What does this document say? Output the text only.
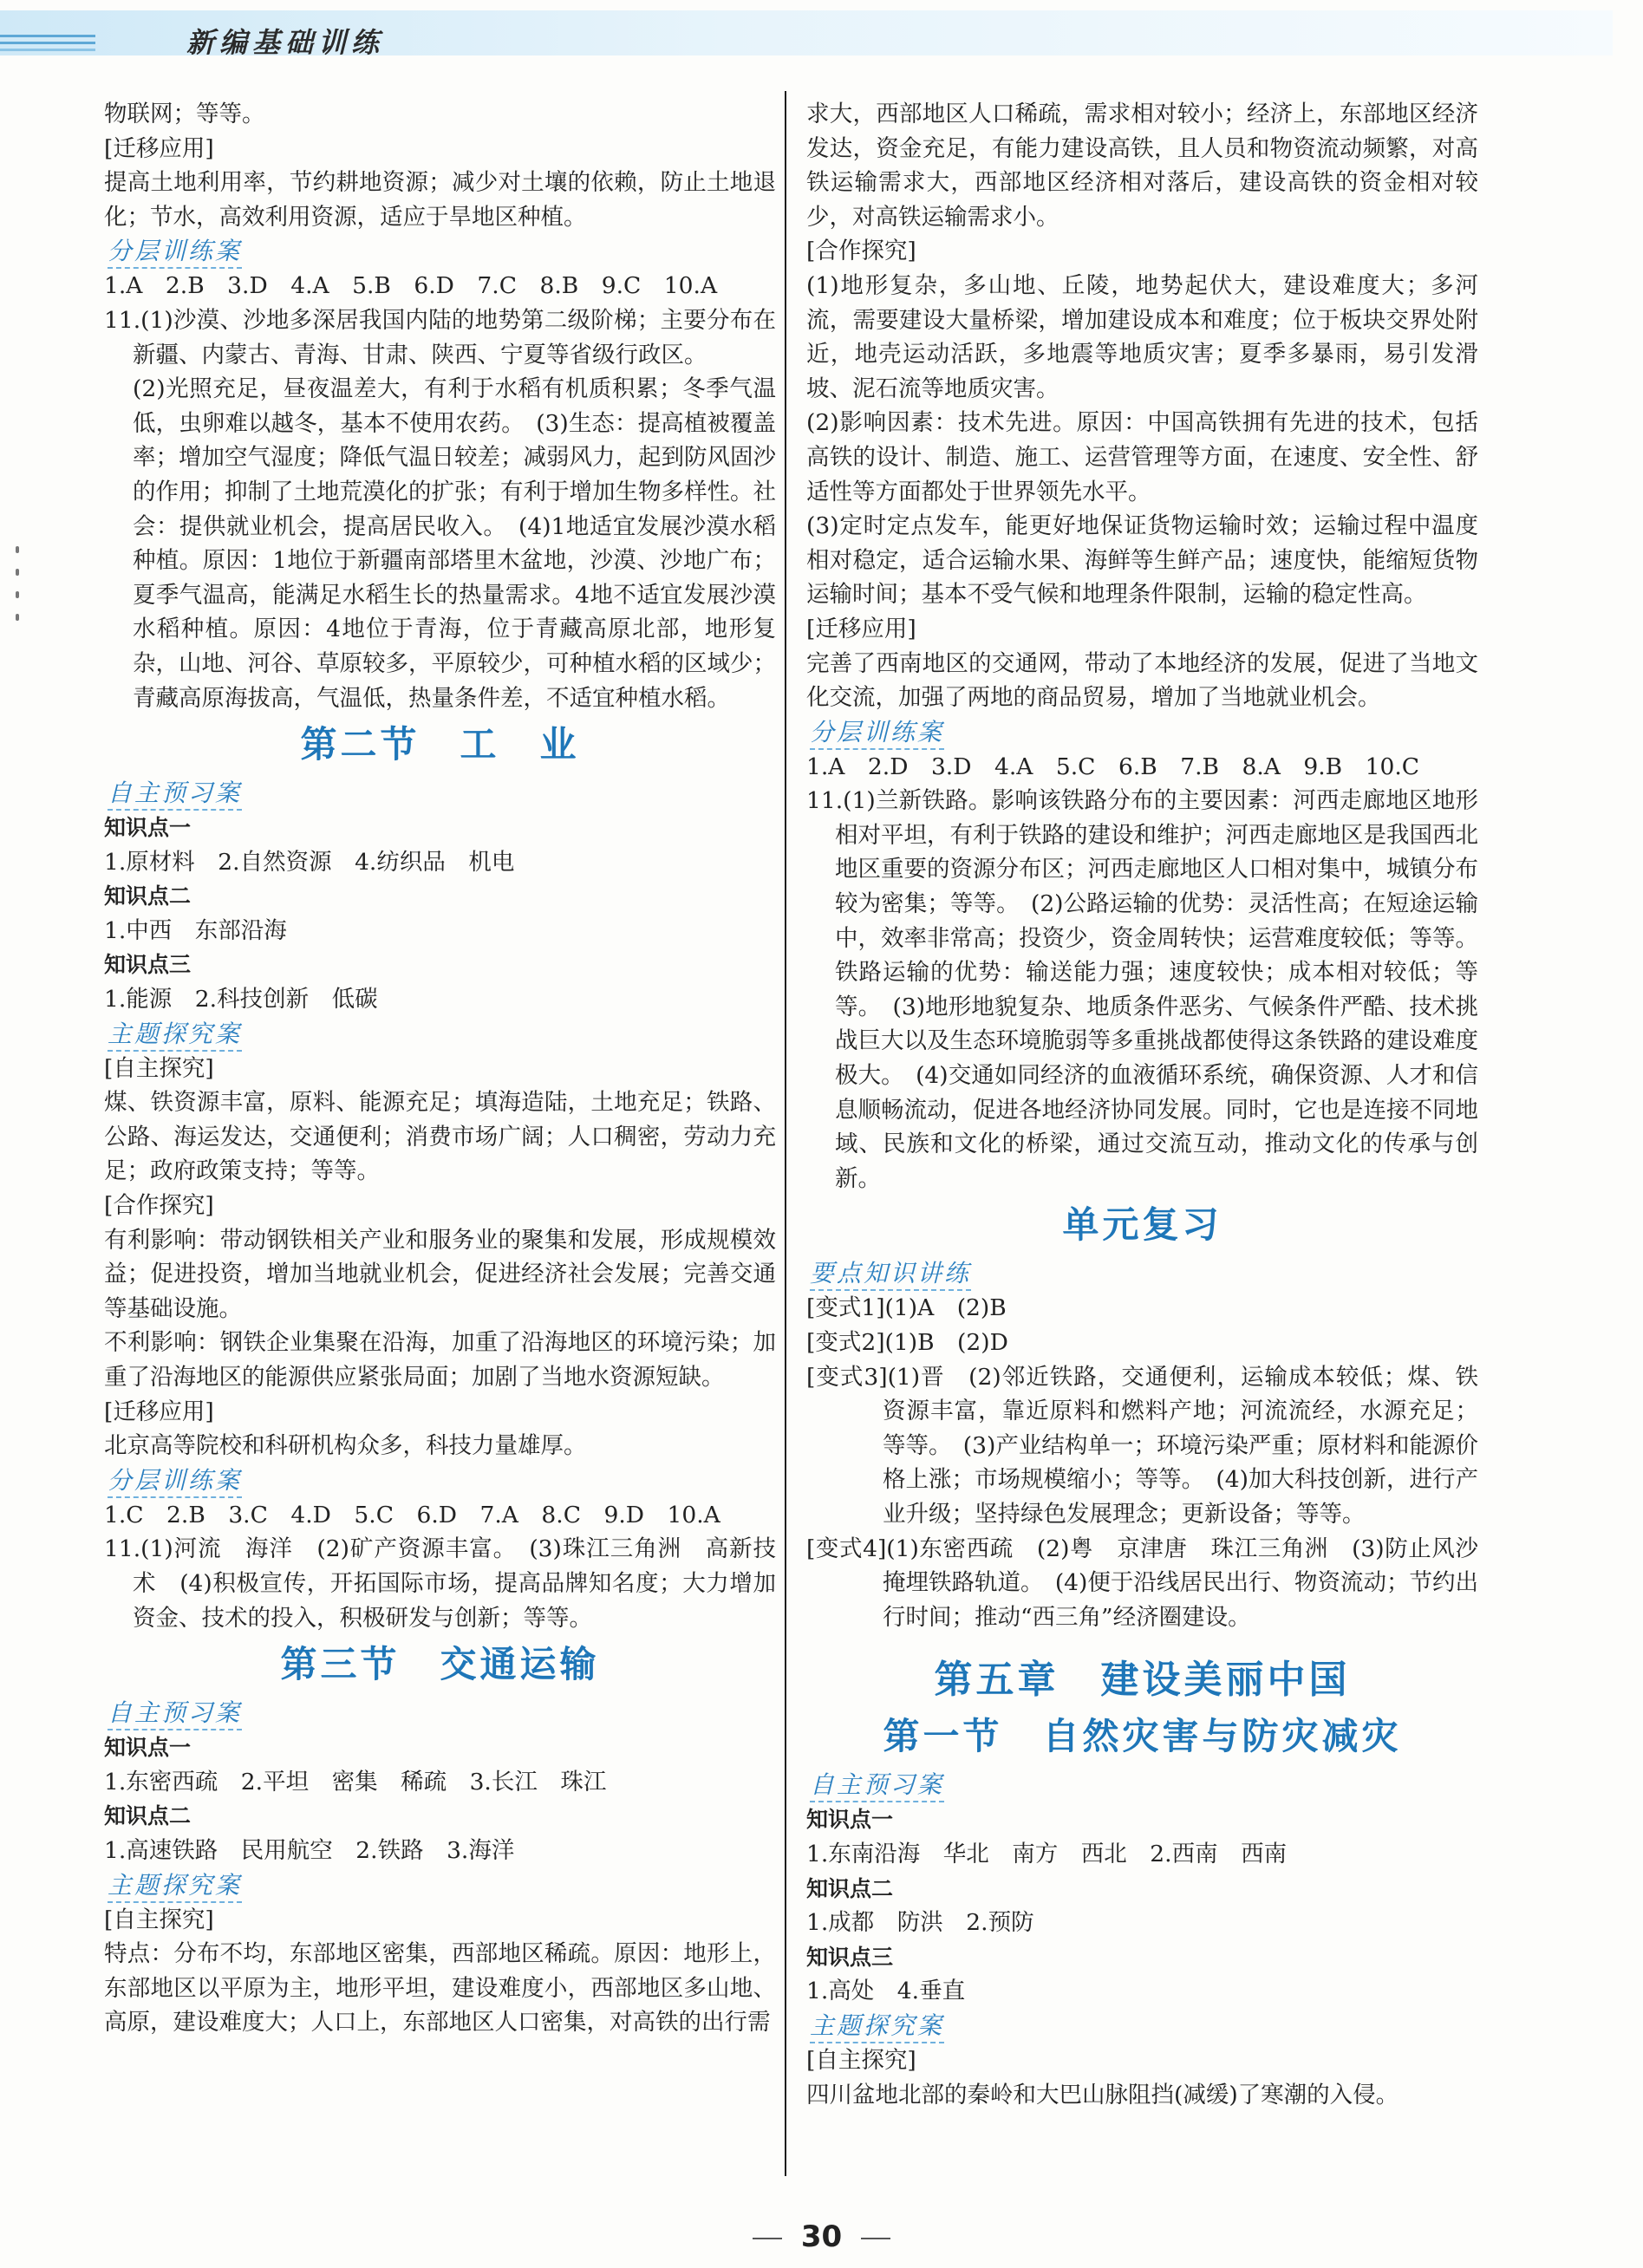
新编基础训练

物联网；等等。

[迁移应用]

提高土地利用率，节约耕地资源；减少对土壤的依赖，防止土地退化；节水，高效利用资源，适应于旱地区种植。

分层训练案

1.A　2.B　3.D　4.A　5.B　6.D　7.C　8.B　9.C　10.A

11.(1)沙漠、沙地多深居我国内陆的地势第二级阶梯；主要分布在新疆、内蒙古、青海、甘肃、陕西、宁夏等省级行政区。

(2)光照充足，昼夜温差大，有利于水稻有机质积累；冬季气温低，虫卵难以越冬，基本不使用农药。　(3)生态：提高植被覆盖率；增加空气湿度；降低气温日较差；减弱风力，起到防风固沙的作用；抑制了土地荒漠化的扩张；有利于增加生物多样性。社会：提供就业机会，提高居民收入。　(4)1地适宜发展沙漠水稻种植。原因：1地位于新疆南部塔里木盆地，沙漠、沙地广布；夏季气温高，能满足水稻生长的热量需求。4地不适宜发展沙漠水稻种植。原因：4地位于青海，位于青藏高原北部，地形复杂，山地、河谷、草原较多，平原较少，可种植水稻的区域少；青藏高原海拔高，气温低，热量条件差，不适宜种植水稻。

第二节　工　业

自主预习案

知识点一

1.原材料　2.自然资源　4.纺织品　机电

知识点二

1.中西　东部沿海

知识点三

1.能源　2.科技创新　低碳

主题探究案

[自主探究]

煤、铁资源丰富，原料、能源充足；填海造陆，土地充足；铁路、公路、海运发达，交通便利；消费市场广阔；人口稠密，劳动力充足；政府政策支持；等等。

[合作探究]

有利影响：带动钢铁相关产业和服务业的聚集和发展，形成规模效益；促进投资，增加当地就业机会，促进经济社会发展；完善交通等基础设施。

不利影响：钢铁企业集聚在沿海，加重了沿海地区的环境污染；加重了沿海地区的能源供应紧张局面；加剧了当地水资源短缺。

[迁移应用]

北京高等院校和科研机构众多，科技力量雄厚。

分层训练案

1.C　2.B　3.C　4.D　5.C　6.D　7.A　8.C　9.D　10.A

11.(1)河流　海洋　(2)矿产资源丰富。　(3)珠江三角洲　高新技术　(4)积极宣传，开拓国际市场，提高品牌知名度；大力增加资金、技术的投入，积极研发与创新；等等。

第三节　交通运输

自主预习案

知识点一

1.东密西疏　2.平坦　密集　稀疏　3.长江　珠江

知识点二

1.高速铁路　民用航空　2.铁路　3.海洋

主题探究案

[自主探究]

特点：分布不均，东部地区密集，西部地区稀疏。原因：地形上，东部地区以平原为主，地形平坦，建设难度小，西部地区多山地、高原，建设难度大；人口上，东部地区人口密集，对高铁的出行需

求大，西部地区人口稀疏，需求相对较小；经济上，东部地区经济发达，资金充足，有能力建设高铁，且人员和物资流动频繁，对高铁运输需求大，西部地区经济相对落后，建设高铁的资金相对较少，对高铁运输需求小。

[合作探究]

(1)地形复杂，多山地、丘陵，地势起伏大，建设难度大；多河流，需要建设大量桥梁，增加建设成本和难度；位于板块交界处附近，地壳运动活跃，多地震等地质灾害；夏季多暴雨，易引发滑坡、泥石流等地质灾害。

(2)影响因素：技术先进。原因：中国高铁拥有先进的技术，包括高铁的设计、制造、施工、运营管理等方面，在速度、安全性、舒适性等方面都处于世界领先水平。

(3)定时定点发车，能更好地保证货物运输时效；运输过程中温度相对稳定，适合运输水果、海鲜等生鲜产品；速度快，能缩短货物运输时间；基本不受气候和地理条件限制，运输的稳定性高。

[迁移应用]

完善了西南地区的交通网，带动了本地经济的发展，促进了当地文化交流，加强了两地的商品贸易，增加了当地就业机会。

分层训练案

1.A　2.D　3.D　4.A　5.C　6.B　7.B　8.A　9.B　10.C

11.(1)兰新铁路。影响该铁路分布的主要因素：河西走廊地区地形相对平坦，有利于铁路的建设和维护；河西走廊地区是我国西北地区重要的资源分布区；河西走廊地区人口相对集中，城镇分布较为密集；等等。　(2)公路运输的优势：灵活性高；在短途运输中，效率非常高；投资少，资金周转快；运营难度较低；等等。铁路运输的优势：输送能力强；速度较快；成本相对较低；等等。　(3)地形地貌复杂、地质条件恶劣、气候条件严酷、技术挑战巨大以及生态环境脆弱等多重挑战都使得这条铁路的建设难度极大。　(4)交通如同经济的血液循环系统，确保资源、人才和信息顺畅流动，促进各地经济协同发展。同时，它也是连接不同地域、民族和文化的桥梁，通过交流互动，推动文化的传承与创新。

单元复习

要点知识讲练

[变式1](1)A　(2)B

[变式2](1)B　(2)D

[变式3](1)晋　(2)邻近铁路，交通便利，运输成本较低；煤、铁资源丰富，靠近原料和燃料产地；河流流经，水源充足；等等。　(3)产业结构单一；环境污染严重；原材料和能源价格上涨；市场规模缩小；等等。　(4)加大科技创新，进行产业升级；坚持绿色发展理念；更新设备；等等。

[变式4](1)东密西疏　(2)粤　京津唐　珠江三角洲　(3)防止风沙掩埋铁路轨道。　(4)便于沿线居民出行、物资流动；节约出行时间；推动“西三角”经济圈建设。

第五章　建设美丽中国

第一节　自然灾害与防灾减灾

自主预习案

知识点一

1.东南沿海　华北　南方　西北　2.西南　西南

知识点二

1.成都　防洪　2.预防

知识点三

1.高处　4.垂直

主题探究案

[自主探究]

四川盆地北部的秦岭和大巴山脉阻挡(减缓)了寒潮的入侵。

30
